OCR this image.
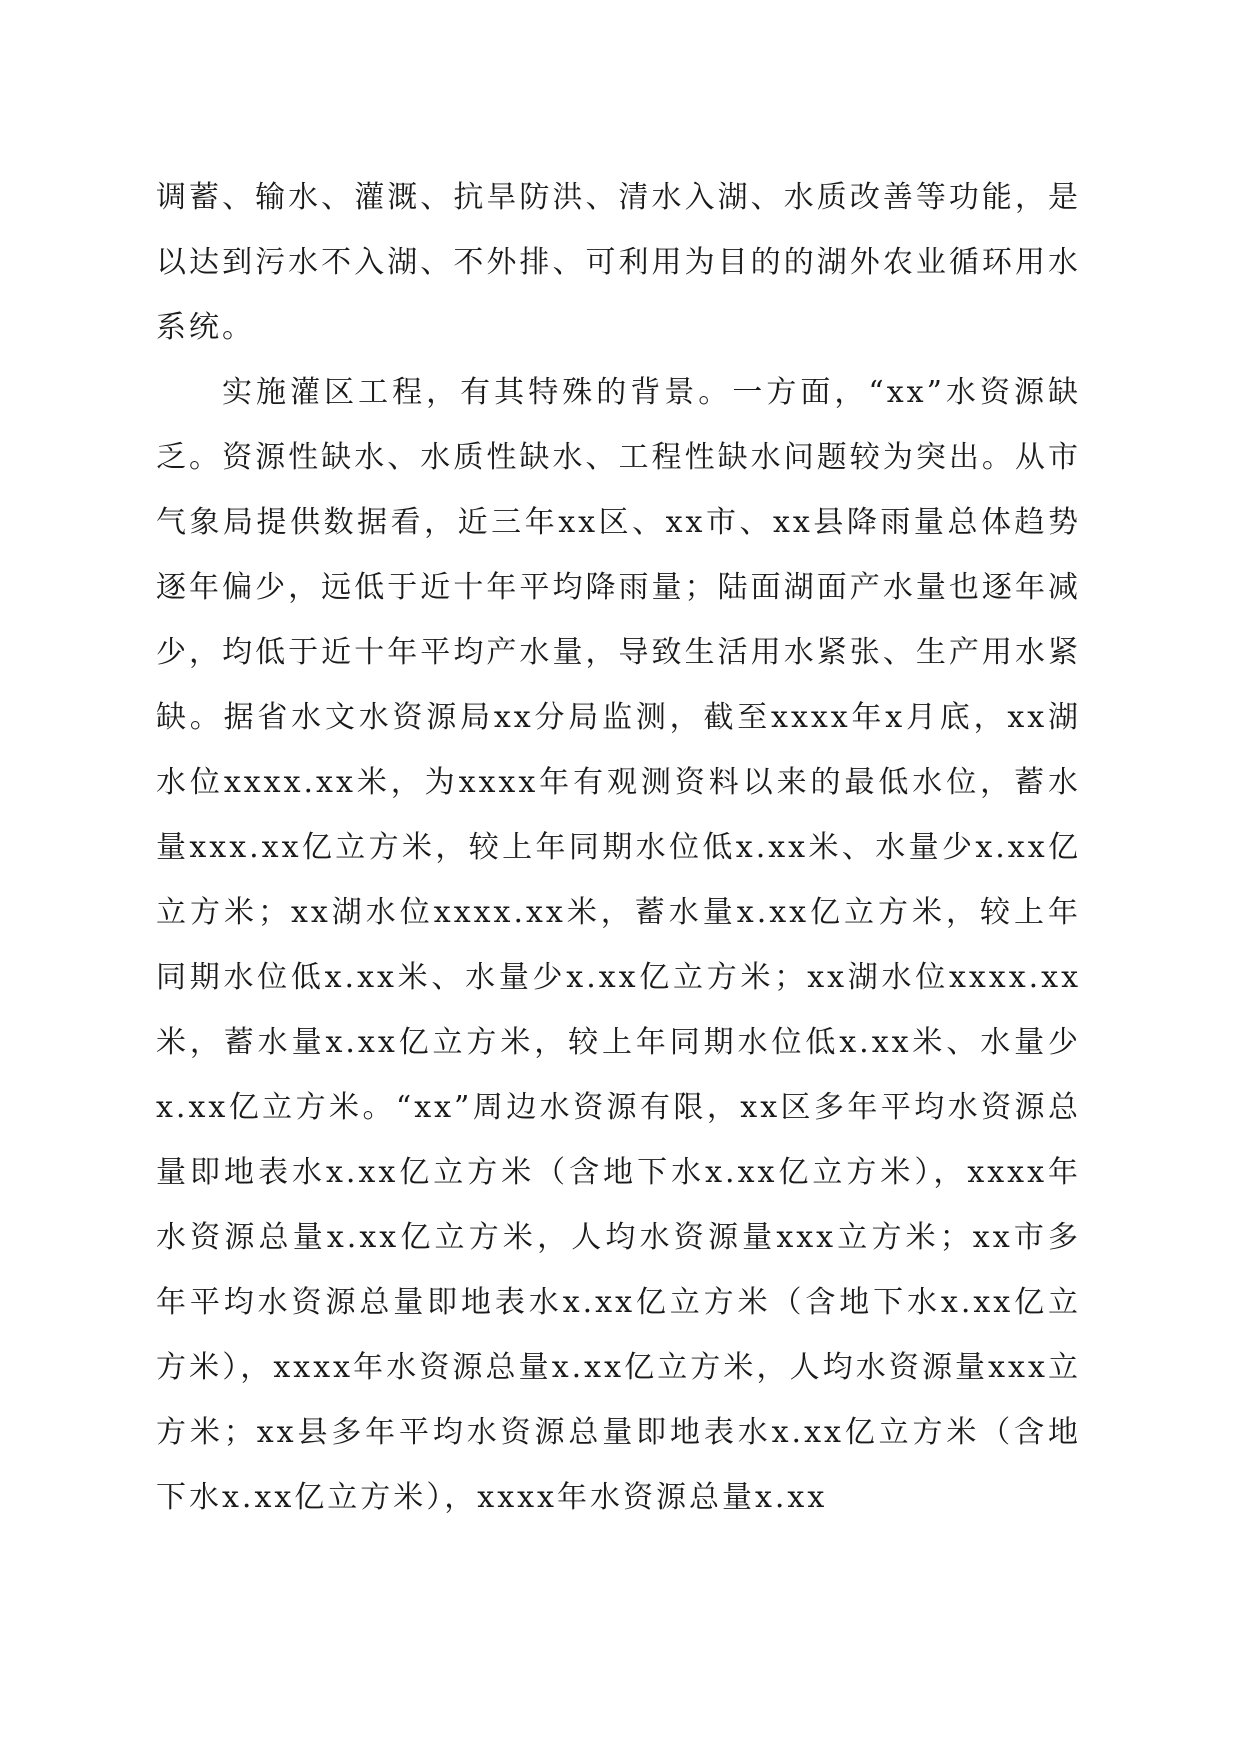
调蓄、输水、灌溉、抗旱防洪、清水入湖、水质改善等功能，是以达到污水不入湖、不外排、可利用为目的的湖外农业循环用水系统。

实施灌区工程，有其特殊的背景。一方面，“xx”水资源缺乏。资源性缺水、水质性缺水、工程性缺水问题较为突出。从市气象局提供数据看，近三年xx区、xx市、xx县降雨量总体趋势逐年偏少，远低于近十年平均降雨量；陆面湖面产水量也逐年减少，均低于近十年平均产水量，导致生活用水紧张、生产用水紧缺。据省水文水资源局xx分局监测，截至xxxx年x月底，xx湖水位xxxx.xx米，为xxxx年有观测资料以来的最低水位，蓄水量xxx.xx亿立方米，较上年同期水位低x.xx米、水量少x.xx亿立方米；xx湖水位xxxx.xx米，蓄水量x.xx亿立方米，较上年同期水位低x.xx米、水量少x.xx亿立方米；xx湖水位xxxx.xx米，蓄水量x.xx亿立方米，较上年同期水位低x.xx米、水量少x.xx亿立方米。“xx”周边水资源有限，xx区多年平均水资源总量即地表水x.xx亿立方米（含地下水x.xx亿立方米），xxxx年水资源总量x.xx亿立方米，人均水资源量xxx立方米；xx市多年平均水资源总量即地表水x.xx亿立方米（含地下水x.xx亿立方米），xxxx年水资源总量x.xx亿立方米，人均水资源量xxx立方米；xx县多年平均水资源总量即地表水x.xx亿立方米（含地下水x.xx亿立方米），xxxx年水资源总量x.xx
